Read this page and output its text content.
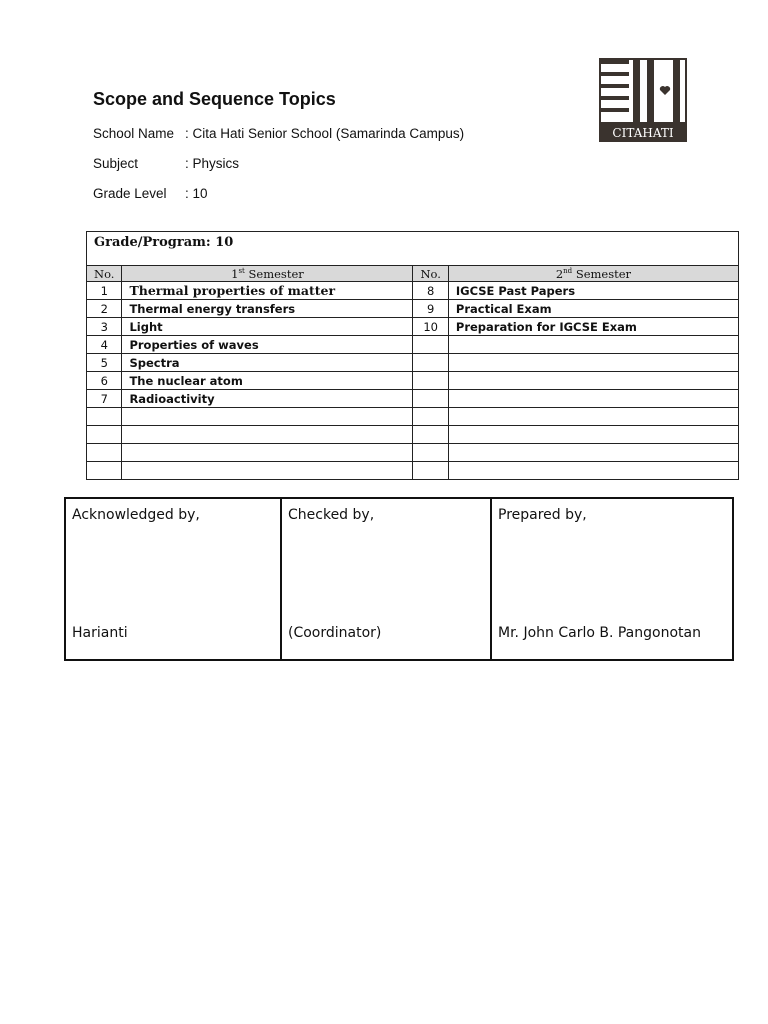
Scope and Sequence Topics
School Name : Cita Hati Senior School (Samarinda Campus)
Subject	: Physics
Grade Level : 10
CITAHATI
Grade/Program: 10			
No.	1st Semester	No.	2nd Semester
1	Thermal properties of matter	8	IGCSE Past Papers
2	Thermal energy transfers	9	Practical Exam
3	Light	10	Preparation for IGCSE Exam
4	Properties of waves		
5	Spectra		
6	The nuclear atom		
7	Radioactivity		

Acknowledged by,
Harianti

Checked by,
(Coordinator)

Prepared by,
Mr. John Carlo B. Pangonotan
